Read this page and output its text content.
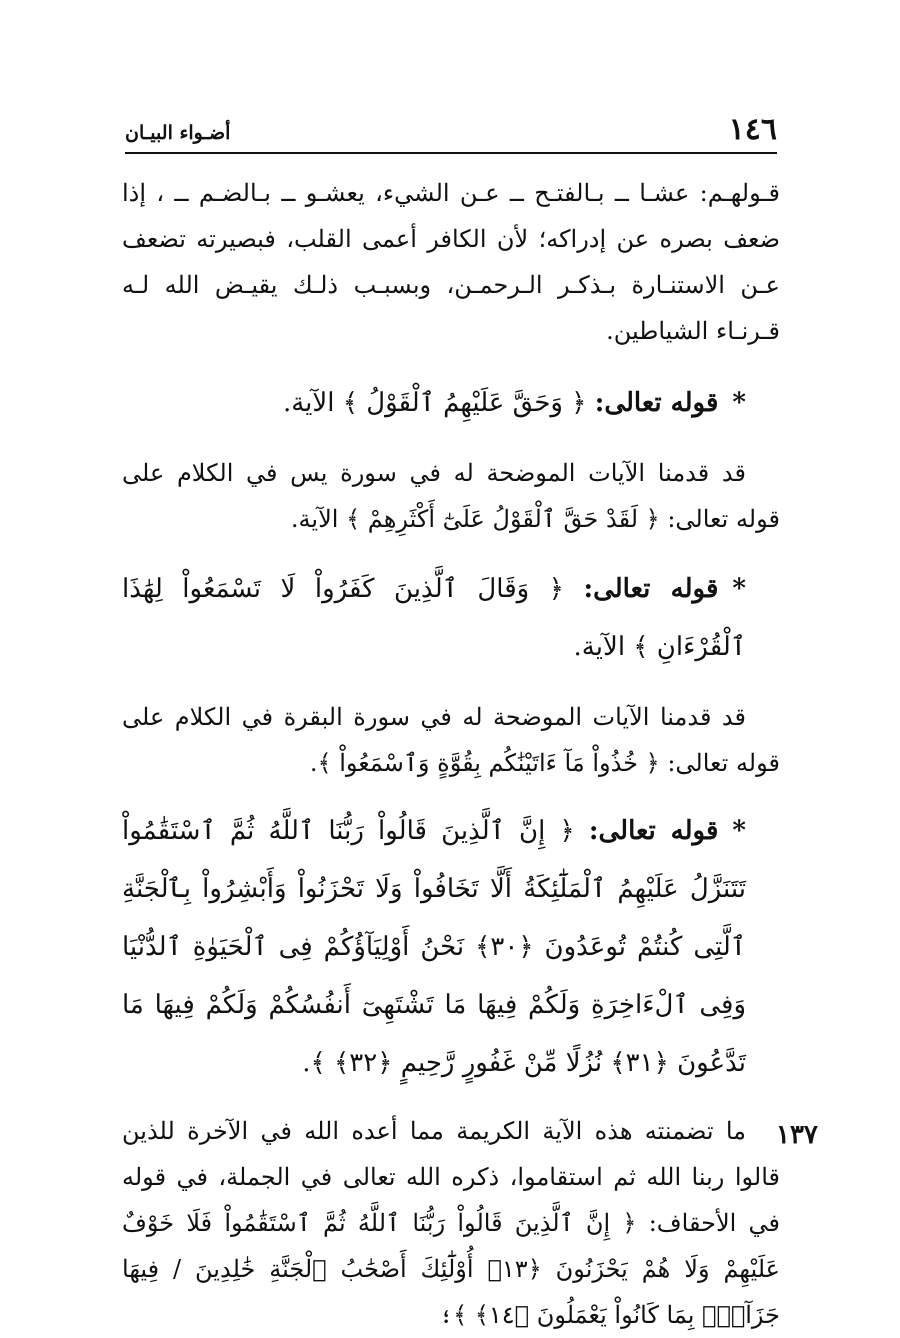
١٤٦
أضـواء البيـان

قـولهـم: عشـا ــ بـالفتـح ــ عـن الشيء، يعشـو ــ بـالضـم ــ ، إذا ضعف بصره عن إدراكه؛ لأن الكافر أعمى القلب، فبصيرته تضعف عـن الاستنـارة بـذكـر الـرحمـن، وبسبـب ذلـك يقيـض الله لـه قـرنـاء الشياطين.

*قوله تعالى: ﴿ وَحَقَّ عَلَيْهِمُ ٱلْقَوْلُ ﴾ الآية.

قد قدمنا الآيات الموضحة له في سورة يس في الكلام على قوله تعالى: ﴿ لَقَدْ حَقَّ ٱلْقَوْلُ عَلَىٰٓ أَكْثَرِهِمْ ﴾ الآية.

*قوله تعالى: ﴿ وَقَالَ ٱلَّذِينَ كَفَرُواْ لَا تَسْمَعُواْ لِهَٰذَا ٱلْقُرْءَانِ ﴾ الآية.

قد قدمنا الآيات الموضحة له في سورة البقرة في الكلام على قوله تعالى: ﴿ خُذُواْ مَآ ءَاتَيْنَٰكُم بِقُوَّةٍ وَٱسْمَعُواْ ﴾.

*قوله تعالى: ﴿ إِنَّ ٱلَّذِينَ قَالُواْ رَبُّنَا ٱللَّهُ ثُمَّ ٱسْتَقَٰمُواْ تَتَنَزَّلُ عَلَيْهِمُ ٱلْمَلَٰٓئِكَةُ أَلَّا تَخَافُواْ وَلَا تَحْزَنُواْ وَأَبْشِرُواْ بِٱلْجَنَّةِ ٱلَّتِى كُنتُمْ تُوعَدُونَ ﴿٣٠﴾ نَحْنُ أَوْلِيَآؤُكُمْ فِى ٱلْحَيَوٰةِ ٱلدُّنْيَا وَفِى ٱلْءَاخِرَةِ وَلَكُمْ فِيهَا مَا تَشْتَهِىٓ أَنفُسُكُمْ وَلَكُمْ فِيهَا مَا تَدَّعُونَ ﴿٣١﴾ نُزُلًا مِّنْ غَفُورٍ رَّحِيمٍ ﴿٣٢﴾ ﴾.

ما تضمنته هذه الآية الكريمة مما أعده الله في الآخرة للذين قالوا ربنا الله ثم استقاموا، ذكره الله تعالى في الجملة، في قوله في الأحقاف: ﴿ إِنَّ ٱلَّذِينَ قَالُواْ رَبُّنَا ٱللَّهُ ثُمَّ ٱسْتَقَٰمُواْ فَلَا خَوْفٌ عَلَيْهِمْ وَلَا هُمْ يَحْزَنُونَ ﴿١٣﴾ أُوْلَٰٓئِكَ أَصْحَٰبُ ٱلْجَنَّةِ خَٰلِدِينَ / فِيهَا جَزَآءًۢ بِمَا كَانُواْ يَعْمَلُونَ ﴿١٤﴾ ﴾؛

١٣٧
